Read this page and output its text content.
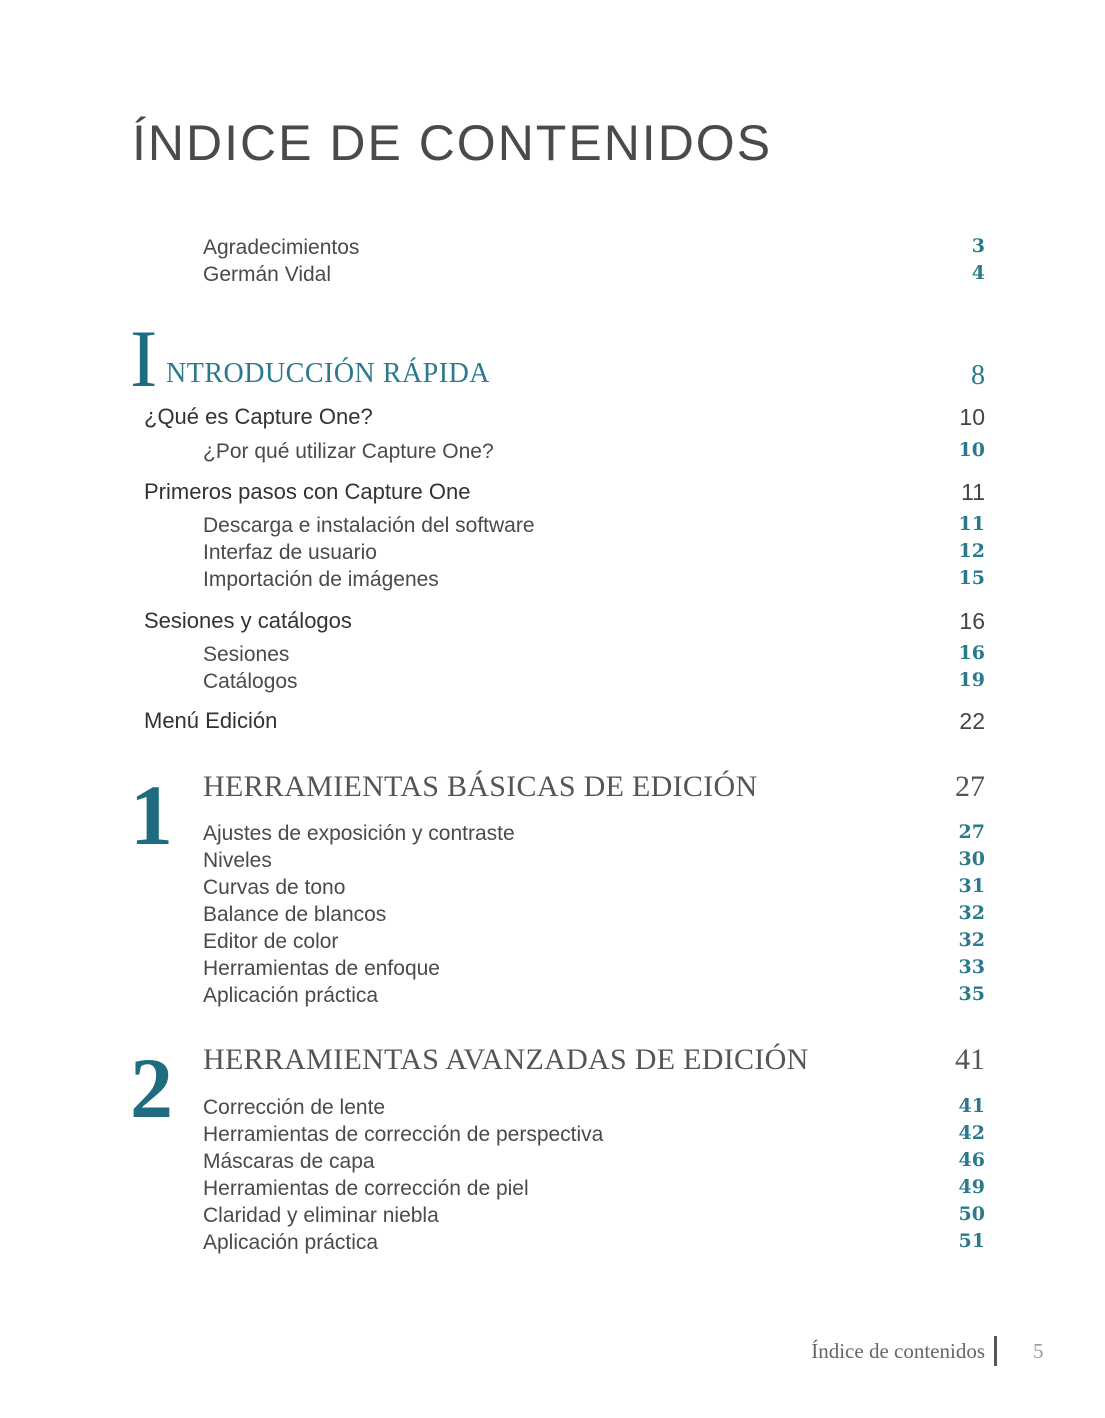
ÍNDICE DE CONTENIDOS
Agradecimientos	3
Germán Vidal	4
I NTRODUCCIÓN RÁPIDA	8
¿Qué es Capture One?	10
¿Por qué utilizar Capture One?	10
Primeros pasos con Capture One	11
Descarga e instalación del software	11
Interfaz de usuario	12
Importación de imágenes	15
Sesiones y catálogos	16
Sesiones	16
Catálogos	19
Menú Edición	22
1 HERRAMIENTAS BÁSICAS DE EDICIÓN	27
Ajustes de exposición y contraste	27
Niveles	30
Curvas de tono	31
Balance de blancos	32
Editor de color	32
Herramientas de enfoque	33
Aplicación práctica	35
2 HERRAMIENTAS AVANZADAS DE EDICIÓN	41
Corrección de lente	41
Herramientas de corrección de perspectiva	42
Máscaras de capa	46
Herramientas de corrección de piel	49
Claridad y eliminar niebla	50
Aplicación práctica	51
Índice de contenidos 5
